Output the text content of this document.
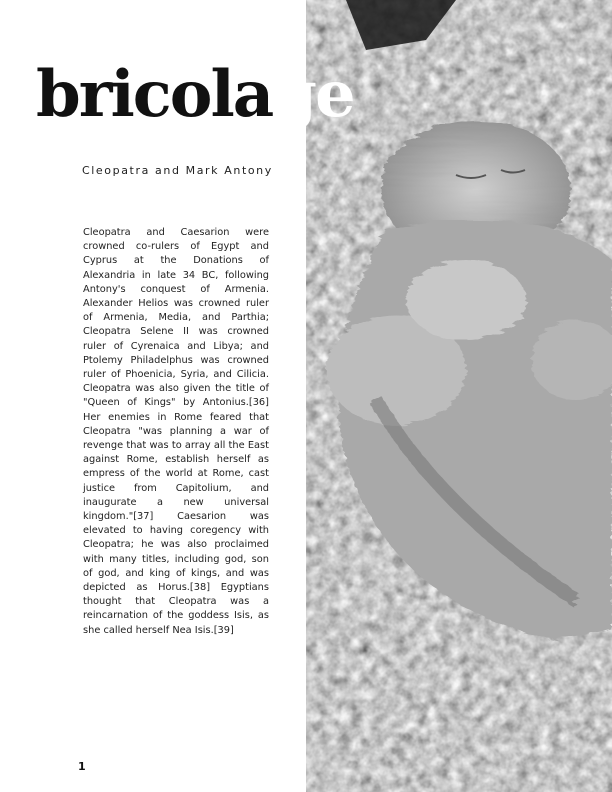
bricolage
Cleopatra and Mark Antony

Cleopatra and Caesarion were crowned co-rulers of Egypt and Cyprus at the Donations of Alexandria in late 34 BC, following Antony's conquest of Armenia. Alexander Helios was crowned ruler of Armenia, Media, and Parthia; Cleopatra Selene II was crowned ruler of Cyrenaica and Libya; and Ptolemy Philadelphus was crowned ruler of Phoenicia, Syria, and Cilicia. Cleopatra was also given the title of "Queen of Kings" by Antonius.[36] Her enemies in Rome feared that Cleopatra "was planning a war of revenge that was to array all the East against Rome, establish herself as empress of the world at Rome, cast justice from Capitolium, and inaugurate a new universal kingdom."[37] Caesarion was elevated to having coregency with Cleopatra; he was also proclaimed with many titles, including god, son of god, and king of kings, and was depicted as Horus.[38] Egyptians thought that Cleopatra was a reincarnation of the goddess Isis, as she called herself Nea Isis.[39]

1
